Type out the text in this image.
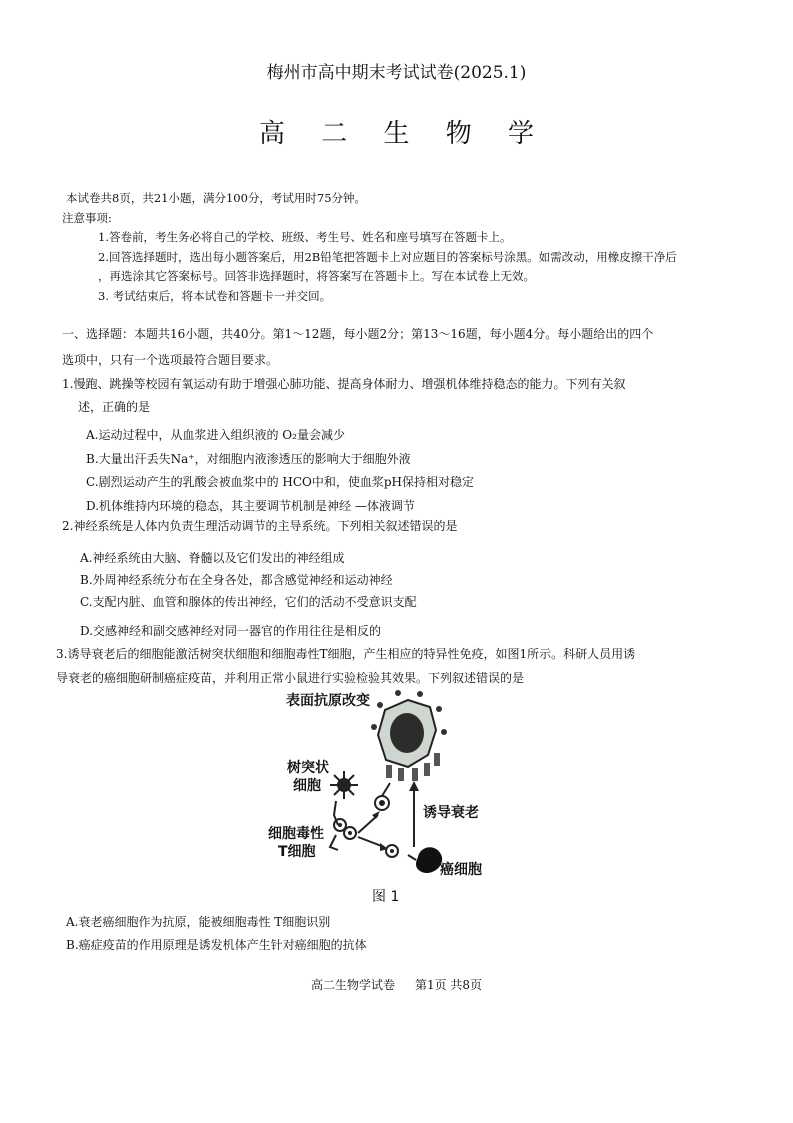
梅州市高中期末考试试卷(2025.1)
高 二 生 物 学
本试卷共8页，共21小题，满分100分，考试用时75分钟。
注意事项:
1.答卷前，考生务必将自己的学校、班级、考生号、姓名和座号填写在答题卡上。
2.回答选择题时，选出每小题答案后，用2B铅笔把答题卡上对应题目的答案标号涂黑。如需改动，用橡皮擦干净后
，再选涂其它答案标号。回答非选择题时，将答案写在答题卡上。写在本试卷上无效。
3. 考试结束后，将本试卷和答题卡一并交回。
一、选择题：本题共16小题，共40分。第1～12题，每小题2分；第13～16题，每小题4分。每小题给出的四个
选项中，只有一个选项最符合题目要求。
1.慢跑、跳操等校园有氧运动有助于增强心肺功能、提高身体耐力、增强机体维持稳态的能力。下列有关叙
述，正确的是
A.运动过程中，从血浆进入组织液的 O₂量会减少
B.大量出汗丢失Na⁺，对细胞内液渗透压的影响大于细胞外液
C.剧烈运动产生的乳酸会被血浆中的 HCO中和，使血浆pH保持相对稳定
D.机体维持内环境的稳态，其主要调节机制是神经 —体液调节
2.神经系统是人体内负责生理活动调节的主导系统。下列相关叙述错误的是
A.神经系统由大脑、脊髓以及它们发出的神经组成
B.外周神经系统分布在全身各处，都含感觉神经和运动神经
C.支配内脏、血管和腺体的传出神经，它们的活动不受意识支配
D.交感神经和副交感神经对同一器官的作用往往是相反的
3.诱导衰老后的细胞能激活树突状细胞和细胞毒性T细胞，产生相应的特异性免疫，如图1所示。科研人员用诱
导衰老的癌细胞研制癌症疫苗，并利用正常小鼠进行实验检验其效果。下列叙述错误的是
表面抗原改变
树突状
细胞
诱导衰老
细胞毒性
T细胞
癌细胞
图 1
A.衰老癌细胞作为抗原，能被细胞毒性 T细胞识别
B.癌症疫苗的作用原理是诱发机体产生针对癌细胞的抗体
高二生物学试卷 第1页 共8页
